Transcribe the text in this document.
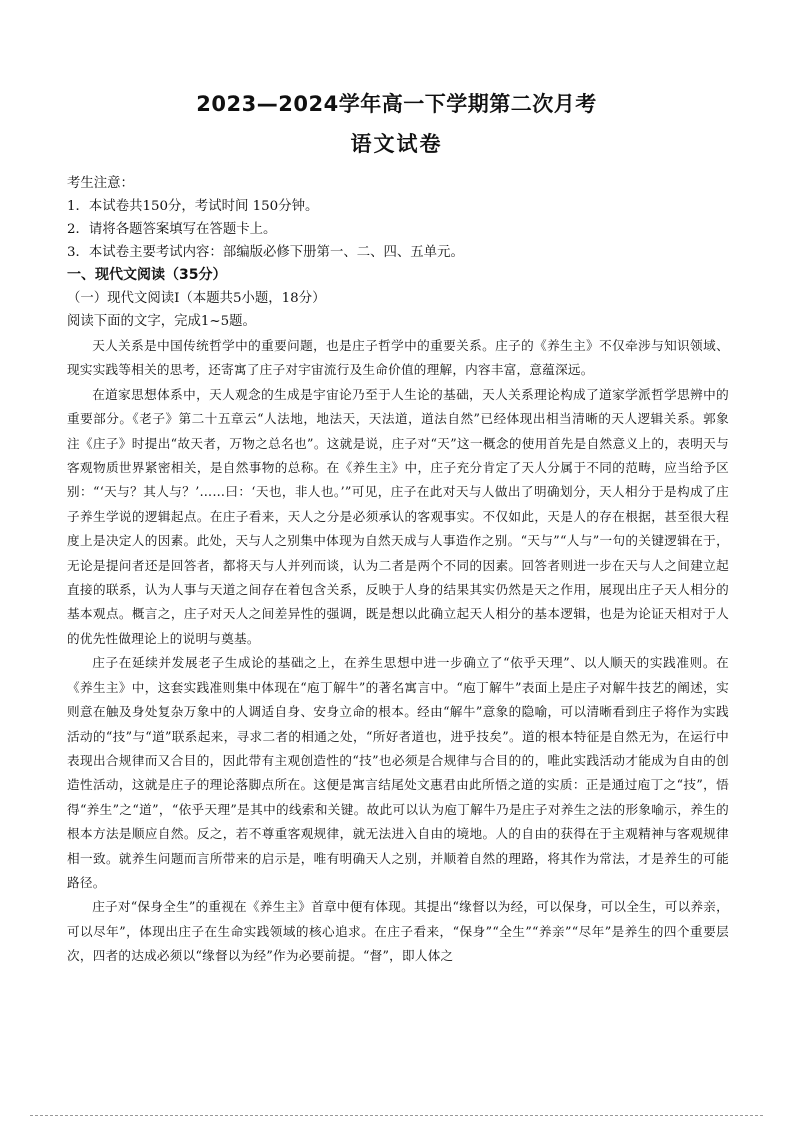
2023—2024学年高一下学期第二次月考
语文试卷
考生注意：
1．本试卷共150分，考试时间 150分钟。
2．请将各题答案填写在答题卡上。
3．本试卷主要考试内容：部编版必修下册第一、二、四、五单元。
一、现代文阅读（35分）
（一）现代文阅读Ⅰ（本题共5小题，18分）
阅读下面的文字，完成1~5题。

天人关系是中国传统哲学中的重要问题，也是庄子哲学中的重要关系。庄子的《养生主》不仅牵涉与知识领域、现实实践等相关的思考，还寄寓了庄子对宇宙流行及生命价值的理解，内容丰富，意蕴深远。

在道家思想体系中，天人观念的生成是宇宙论乃至于人生论的基础，天人关系理论构成了道家学派哲学思辨中的重要部分。《老子》第二十五章云“人法地，地法天，天法道，道法自然”已经体现出相当清晰的天人逻辑关系。郭象注《庄子》时提出“故天者，万物之总名也”。这就是说，庄子对“天”这一概念的使用首先是自然意义上的，表明天与客观物质世界紧密相关，是自然事物的总称。在《养生主》中，庄子充分肯定了天人分属于不同的范畴，应当给予区别：“‘天与？其人与？’……曰：‘天也，非人也。’”可见，庄子在此对天与人做出了明确划分，天人相分于是构成了庄子养生学说的逻辑起点。在庄子看来，天人之分是必须承认的客观事实。不仅如此，天是人的存在根据，甚至很大程度上是决定人的因素。此处，天与人之别集中体现为自然天成与人事造作之别。“天与”“人与”一句的关键逻辑在于，无论是提问者还是回答者，都将天与人并列而谈，认为二者是两个不同的因素。回答者则进一步在天与人之间建立起直接的联系，认为人事与天道之间存在着包含关系，反映于人身的结果其实仍然是天之作用，展现出庄子天人相分的基本观点。概言之，庄子对天人之间差异性的强调，既是想以此确立起天人相分的基本逻辑，也是为论证天相对于人的优先性做理论上的说明与奠基。

庄子在延续并发展老子生成论的基础之上，在养生思想中进一步确立了“依乎天理”、以人顺天的实践准则。在《养生主》中，这套实践准则集中体现在“庖丁解牛”的著名寓言中。“庖丁解牛”表面上是庄子对解牛技艺的阐述，实则意在触及身处复杂万象中的人调适自身、安身立命的根本。经由“解牛”意象的隐喻，可以清晰看到庄子将作为实践活动的“技”与“道”联系起来，寻求二者的相通之处，“所好者道也，进乎技矣”。道的根本特征是自然无为，在运行中表现出合规律而又合目的，因此带有主观创造性的“技”也必须是合规律与合目的的，唯此实践活动才能成为自由的创造性活动，这就是庄子的理论落脚点所在。这便是寓言结尾处文惠君由此所悟之道的实质：正是通过庖丁之“技”，悟得“养生”之“道”，“依乎天理”是其中的线索和关键。故此可以认为庖丁解牛乃是庄子对养生之法的形象喻示，养生的根本方法是顺应自然。反之，若不尊重客观规律，就无法进入自由的境地。人的自由的获得在于主观精神与客观规律相一致。就养生问题而言所带来的启示是，唯有明确天人之别，并顺着自然的理路，将其作为常法，才是养生的可能路径。

庄子对“保身全生”的重视在《养生主》首章中便有体现。其提出“缘督以为经，可以保身，可以全生，可以养亲，可以尽年”，体现出庄子在生命实践领域的核心追求。在庄子看来，“保身”“全生”“养亲”“尽年”是养生的四个重要层次，四者的达成必须以“缘督以为经”作为必要前提。“督”，即人体之
